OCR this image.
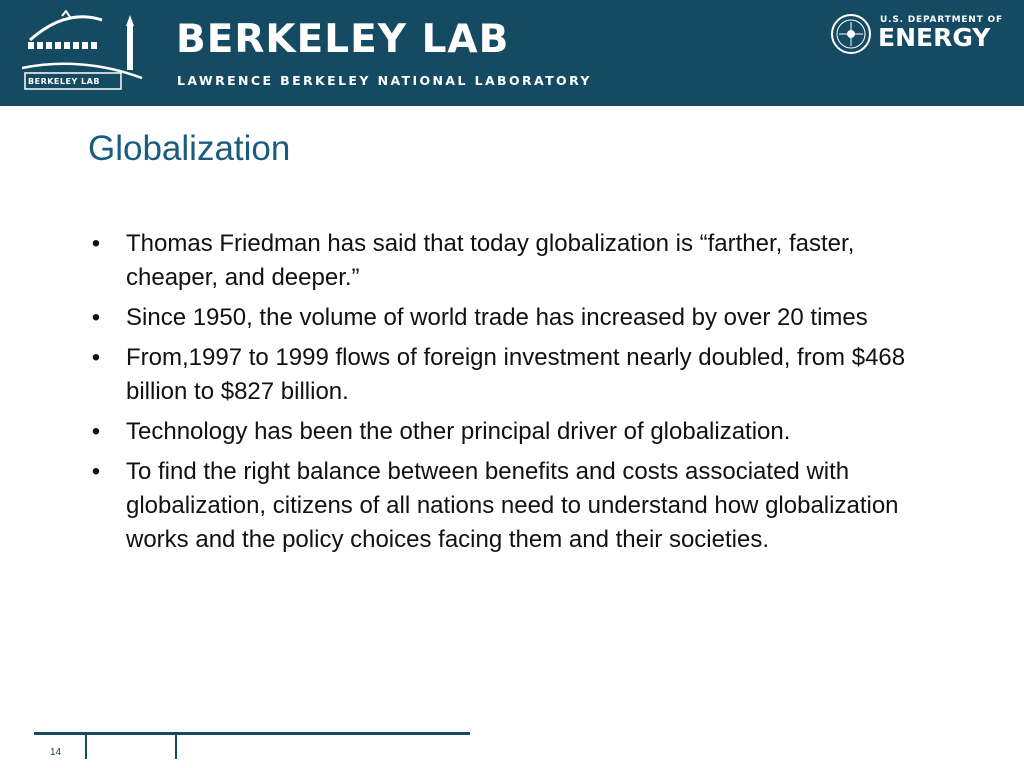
BERKELEY LAB
BERKELEY LAB
LAWRENCE BERKELEY NATIONAL LABORATORY
U.S. DEPARTMENT OF
ENERGY
Globalization
• Thomas Friedman has said that today globalization is “farther, faster, cheaper, and deeper.”
• Since 1950, the volume of world trade has increased by over 20 times
• From,1997 to 1999 flows of foreign investment nearly doubled, from $468 billion to $827 billion.
• Technology has been the other principal driver of globalization.
• To find the right balance between benefits and costs associated with globalization, citizens of all nations need to understand how globalization works and the policy choices facing them and their societies.
14
